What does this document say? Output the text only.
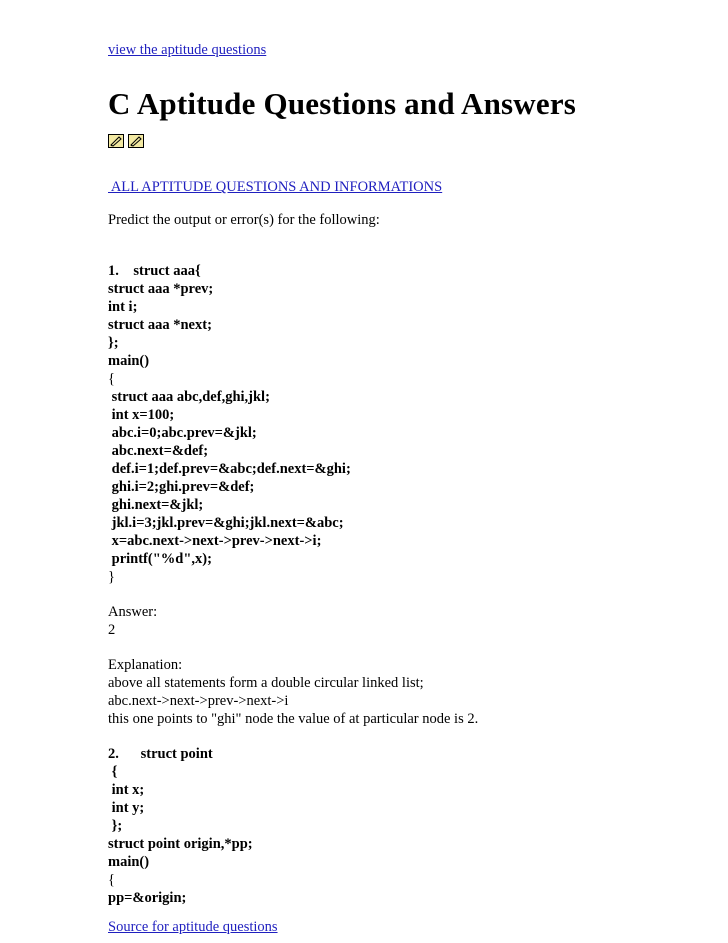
view the aptitude questions
C Aptitude Questions and Answers
ALL APTITUDE QUESTIONS AND INFORMATIONS
Predict the output or error(s) for the following:
1.    struct aaa{
struct aaa *prev;
int i;
struct aaa *next;
};
main()
{
struct aaa abc,def,ghi,jkl;
int x=100;
abc.i=0;abc.prev=&jkl;
abc.next=&def;
def.i=1;def.prev=&abc;def.next=&ghi;
ghi.i=2;ghi.prev=&def;
ghi.next=&jkl;
jkl.i=3;jkl.prev=&ghi;jkl.next=&abc;
x=abc.next->next->prev->next->i;
printf("%d",x);
}
Answer:
2
Explanation:
above all statements form a double circular linked list;
abc.next->next->prev->next->i
this one points to "ghi" node the value of at particular node is 2.
2.      struct point
{
int x;
int y;
};
struct point origin,*pp;
main()
{
pp=&origin;
Source for aptitude questions
